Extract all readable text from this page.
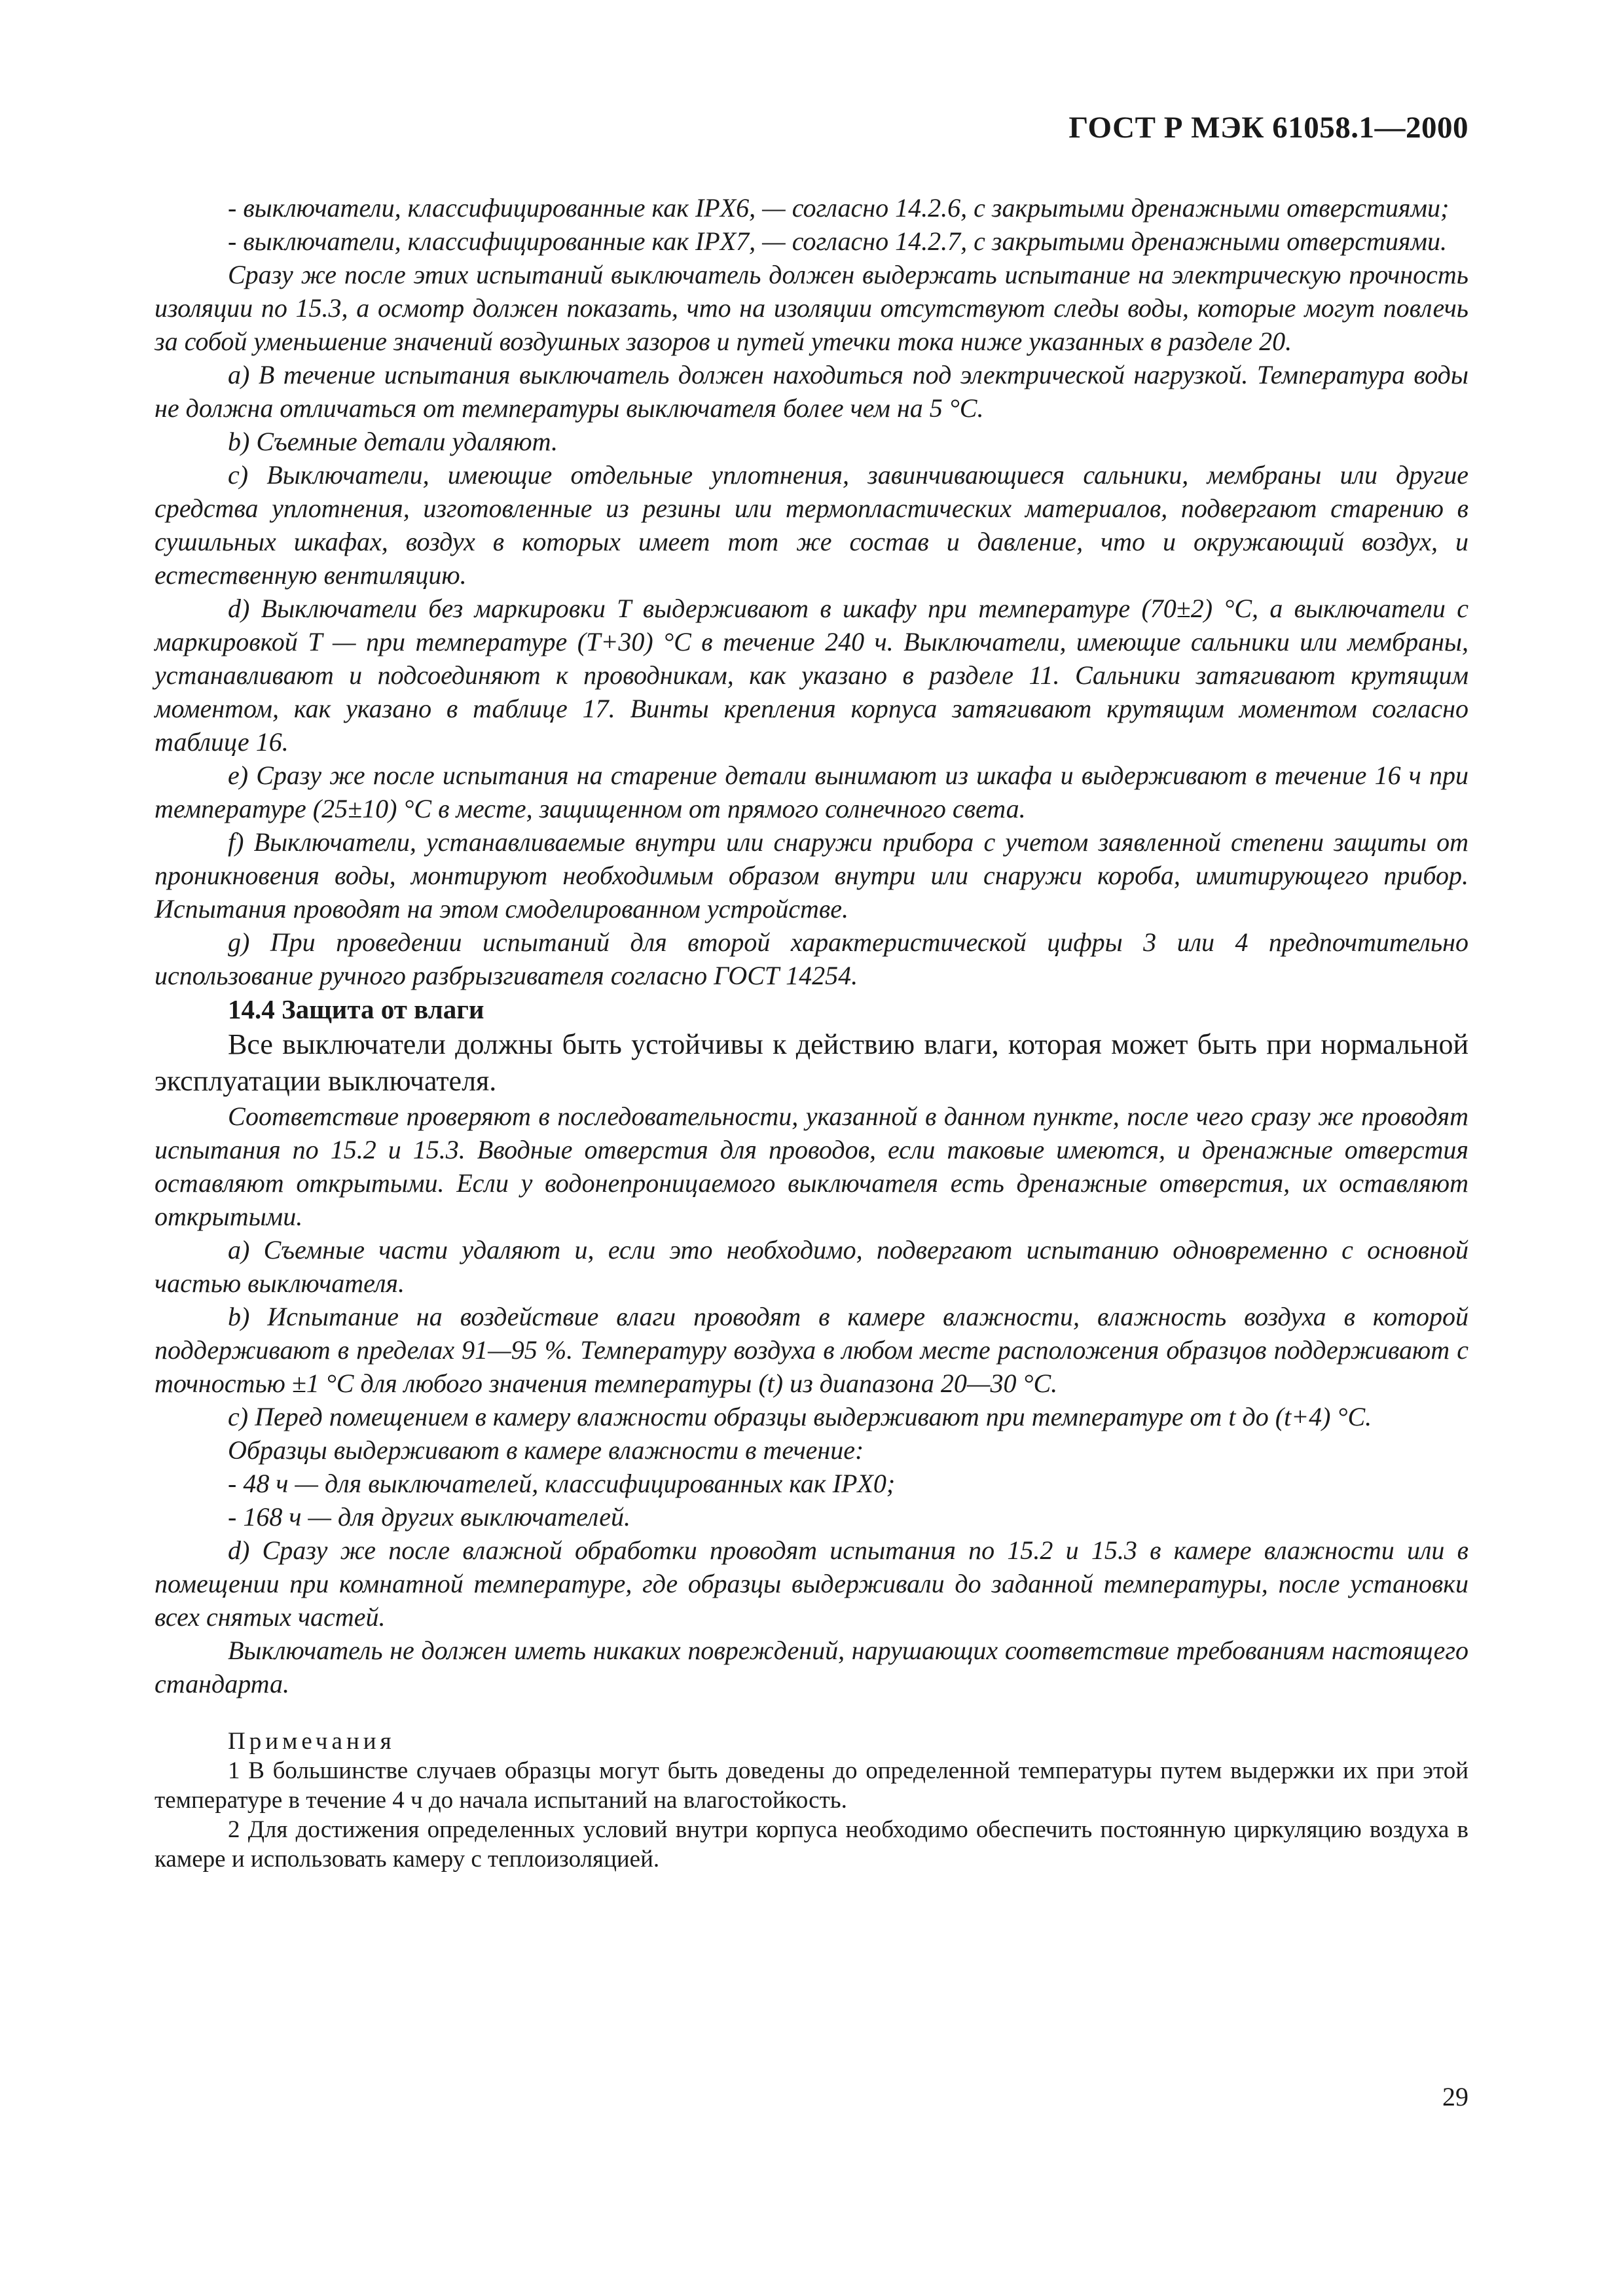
ГОСТ Р МЭК 61058.1—2000

- выключатели, классифицированные как IPX6, — согласно 14.2.6, с закрытыми дренажными отверстиями;

- выключатели, классифицированные как IPX7, — согласно 14.2.7, с закрытыми дренажными отверстиями.

Сразу же после этих испытаний выключатель должен выдержать испытание на электрическую прочность изоляции по 15.3, а осмотр должен показать, что на изоляции отсутствуют следы воды, которые могут повлечь за собой уменьшение значений воздушных зазоров и путей утечки тока ниже указанных в разделе 20.

a) В течение испытания выключатель должен находиться под электрической нагрузкой. Температура воды не должна отличаться от температуры выключателя более чем на 5 °С.

b) Съемные детали удаляют.

c) Выключатели, имеющие отдельные уплотнения, завинчивающиеся сальники, мембраны или другие средства уплотнения, изготовленные из резины или термопластических материалов, подвергают старению в сушильных шкафах, воздух в которых имеет тот же состав и давление, что и окружающий воздух, и естественную вентиляцию.

d) Выключатели без маркировки Т выдерживают в шкафу при температуре (70±2) °С, а выключатели с маркировкой Т — при температуре (Т+30) °С в течение 240 ч. Выключатели, имеющие сальники или мембраны, устанавливают и подсоединяют к проводникам, как указано в разделе 11. Сальники затягивают крутящим моментом, как указано в таблице 17. Винты крепления корпуса затягивают крутящим моментом согласно таблице 16.

e) Сразу же после испытания на старение детали вынимают из шкафа и выдерживают в течение 16 ч при температуре (25±10) °С в месте, защищенном от прямого солнечного света.

f) Выключатели, устанавливаемые внутри или снаружи прибора с учетом заявленной степени защиты от проникновения воды, монтируют необходимым образом внутри или снаружи короба, имитирующего прибор. Испытания проводят на этом смоделированном устройстве.

g) При проведении испытаний для второй характеристической цифры 3 или 4 предпочтительно использование ручного разбрызгивателя согласно ГОСТ 14254.

14.4 Защита от влаги

Все выключатели должны быть устойчивы к действию влаги, которая может быть при нормальной эксплуатации выключателя.

Соответствие проверяют в последовательности, указанной в данном пункте, после чего сразу же проводят испытания по 15.2 и 15.3. Вводные отверстия для проводов, если таковые имеются, и дренажные отверстия оставляют открытыми. Если у водонепроницаемого выключателя есть дренажные отверстия, их оставляют открытыми.

a) Съемные части удаляют и, если это необходимо, подвергают испытанию одновременно с основной частью выключателя.

b) Испытание на воздействие влаги проводят в камере влажности, влажность воздуха в которой поддерживают в пределах 91—95 %. Температуру воздуха в любом месте расположения образцов поддерживают с точностью ±1 °С для любого значения температуры (t) из диапазона 20—30 °С.

c) Перед помещением в камеру влажности образцы выдерживают при температуре от t до (t+4) °С.

Образцы выдерживают в камере влажности в течение:

- 48 ч — для выключателей, классифицированных как IPX0;

- 168 ч — для других выключателей.

d) Сразу же после влажной обработки проводят испытания по 15.2 и 15.3 в камере влажности или в помещении при комнатной температуре, где образцы выдерживали до заданной температуры, после установки всех снятых частей.

Выключатель не должен иметь никаких повреждений, нарушающих соответствие требованиям настоящего стандарта.

Примечания

1 В большинстве случаев образцы могут быть доведены до определенной температуры путем выдержки их при этой температуре в течение 4 ч до начала испытаний на влагостойкость.

2 Для достижения определенных условий внутри корпуса необходимо обеспечить постоянную циркуляцию воздуха в камере и использовать камеру с теплоизоляцией.

29
